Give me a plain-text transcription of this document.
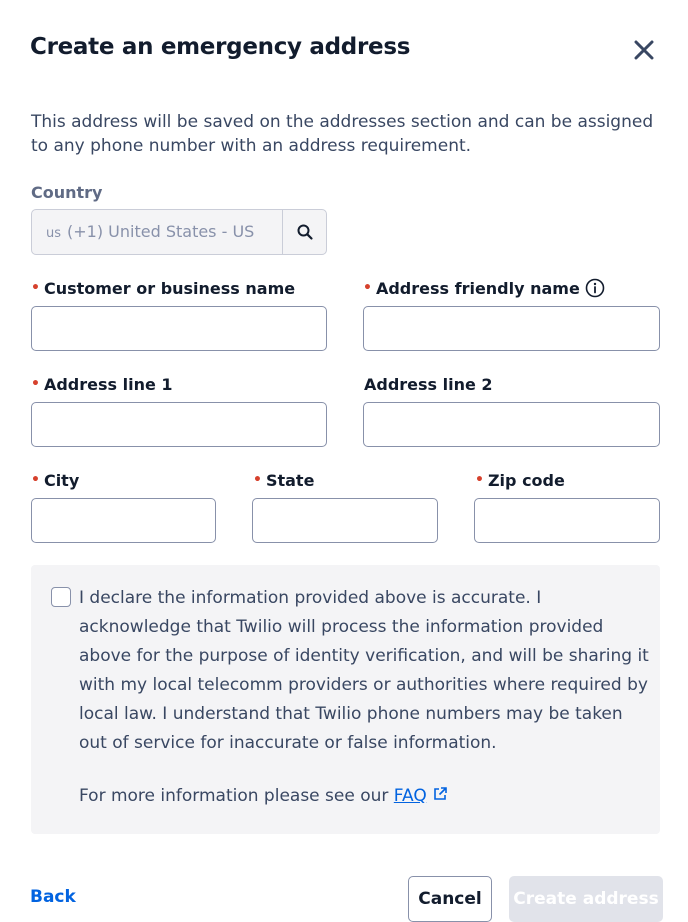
Create an emergency address
This address will be saved on the addresses section and can be assigned to any phone number with an address requirement.
Country
us (+1) United States - US
• Customer or business name	• Address friendly name
• Address line 1	Address line 2
• City	• State	• Zip code
I declare the information provided above is accurate. I acknowledge that Twilio will process the information provided above for the purpose of identity verification, and will be sharing it with my local telecomm providers or authorities where required by local law. I understand that Twilio phone numbers may be taken out of service for inaccurate or false information.
For more information please see our FAQ
Back	Cancel	Create address
